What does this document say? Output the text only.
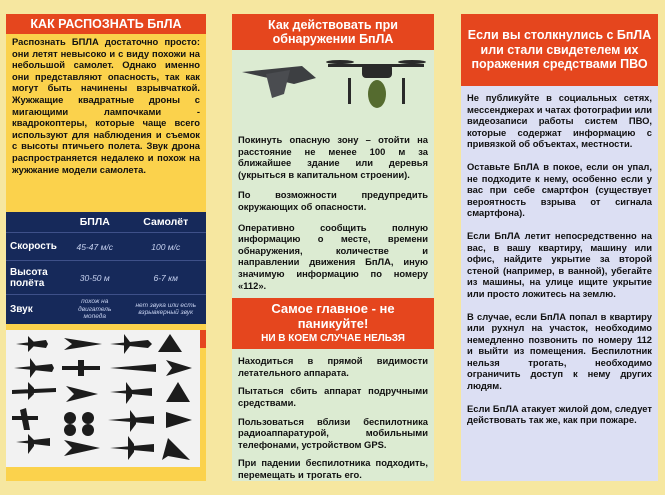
КАК РАСПОЗНАТЬ БпЛА
Распознать БПЛА достаточно просто: они летят невысоко и с виду похожи на небольшой самолет. Однако именно они представляют опасность, так как могут быть начинены взрывчаткой. Жужжащие квадратные дроны с мигающими лампочками - квадрокоптеры, которые чаще всего используют для наблюдения и съемок с высоты птичьего полета. Звук дрона распространяется недалеко и похож на жужжание модели самолета.
	БПЛА	Самолёт
Скорость	45-47 м/с	100 м/с
Высота полёта	30-50 м	6-7 км
Звук	похож на двигатель мопеда	нет звука или есть взрывкерный звук
Как действовать при обнаружении БпЛА
Покинуть опасную зону – отойти на расстояние не менее 100 м за ближайшее здание или деревья (укрыться в капитальном строении).
По возможности предупредить окружающих об опасности.
Оперативно сообщить полную информацию о месте, времени обнаружения, количестве и направлении движения БпЛА, иную значимую информацию по номеру «112».
Самое главное - не паникуйте!
НИ В КОЕМ СЛУЧАЕ НЕЛЬЗЯ
Находиться в прямой видимости летательного аппарата.
Пытаться сбить аппарат подручными средствами.
Пользоваться вблизи беспилотника радиоаппаратурой, мобильными телефонами, устройством GPS.
При падении беспилотника подходить, перемещать и трогать его.
Если вы столкнулись с БпЛА или стали свидетелем их поражения средствами ПВО
Не публикуйте в социальных сетях, мессенджерах и чатах фотографии или видеозаписи работы систем ПВО, которые содержат информацию с привязкой об объектах, местности.
Оставьте БпЛА в покое, если он упал, не подходите к нему, особенно если у вас при себе смартфон (существует вероятность взрыва от сигнала смартфона).
Если БпЛА летит непосредственно на вас, в вашу квартиру, машину или офис, найдите укрытие за второй стеной (например, в ванной), убегайте из машины, на улице ищите укрытие или просто ложитесь на землю.
В случае, если БпЛА попал в квартиру или рухнул на участок, необходимо немедленно позвонить по номеру 112 и выйти из помещения. Беспилотник нельзя трогать, необходимо ограничить доступ к нему других людям.
Если БпЛА атакует жилой дом, следует действовать так же, как при пожаре.
